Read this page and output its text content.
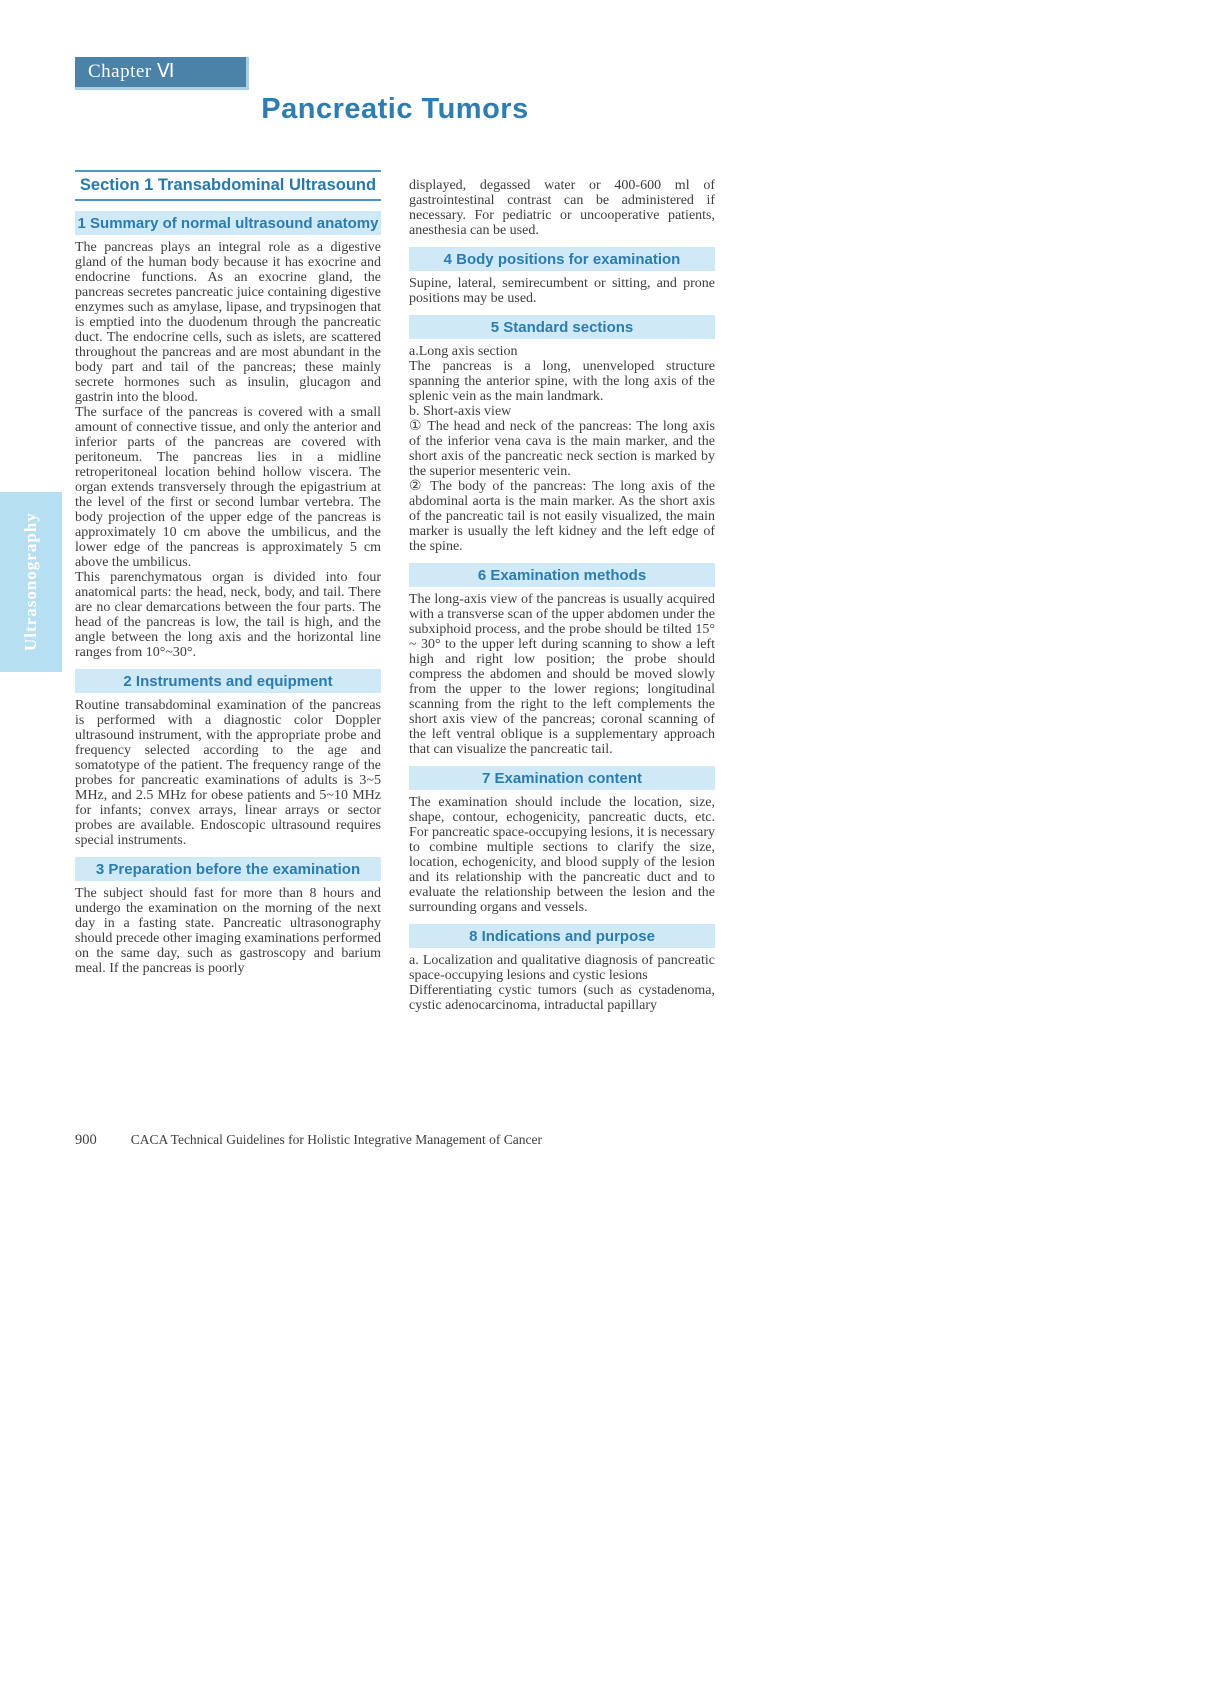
Chapter Ⅵ
Pancreatic Tumors
Ultrasonography
Section 1 Transabdominal Ultrasound
1 Summary of normal ultrasound anatomy

The pancreas plays an integral role as a digestive gland of the human body because it has exocrine and endocrine functions. As an exocrine gland, the pancreas secretes pancreatic juice containing digestive enzymes such as amylase, lipase, and trypsinogen that is emptied into the duodenum through the pancreatic duct. The endocrine cells, such as islets, are scattered throughout the pancreas and are most abundant in the body part and tail of the pancreas; these mainly secrete hormones such as insulin, glucagon and gastrin into the blood.

The surface of the pancreas is covered with a small amount of connective tissue, and only the anterior and inferior parts of the pancreas are covered with peritoneum. The pancreas lies in a midline retroperitoneal location behind hollow viscera. The organ extends transversely through the epigastrium at the level of the first or second lumbar vertebra. The body projection of the upper edge of the pancreas is approximately 10 cm above the umbilicus, and the lower edge of the pancreas is approximately 5 cm above the umbilicus.

This parenchymatous organ is divided into four anatomical parts: the head, neck, body, and tail. There are no clear demarcations between the four parts. The head of the pancreas is low, the tail is high, and the angle between the long axis and the horizontal line ranges from 10°~30°.

2 Instruments and equipment

Routine transabdominal examination of the pancreas is performed with a diagnostic color Doppler ultrasound instrument, with the appropriate probe and frequency selected according to the age and somatotype of the patient. The frequency range of the probes for pancreatic examinations of adults is 3~5 MHz, and 2.5 MHz for obese patients and 5~10 MHz for infants; convex arrays, linear arrays or sector probes are available. Endoscopic ultrasound requires special instruments.

3 Preparation before the examination

The subject should fast for more than 8 hours and undergo the examination on the morning of the next day in a fasting state. Pancreatic ultrasonography should precede other imaging examinations performed on the same day, such as gastroscopy and barium meal. If the pancreas is poorly

displayed, degassed water or 400-600 ml of gastrointestinal contrast can be administered if necessary. For pediatric or uncooperative patients, anesthesia can be used.

4 Body positions for examination

Supine, lateral, semirecumbent or sitting, and prone positions may be used.

5 Standard sections

a.Long axis section

The pancreas is a long, unenveloped structure spanning the anterior spine, with the long axis of the splenic vein as the main landmark.

b. Short-axis view

① The head and neck of the pancreas: The long axis of the inferior vena cava is the main marker, and the short axis of the pancreatic neck section is marked by the superior mesenteric vein.

② The body of the pancreas: The long axis of the abdominal aorta is the main marker. As the short axis of the pancreatic tail is not easily visualized, the main marker is usually the left kidney and the left edge of the spine.

6 Examination methods

The long-axis view of the pancreas is usually acquired with a transverse scan of the upper abdomen under the subxiphoid process, and the probe should be tilted 15° ~ 30° to the upper left during scanning to show a left high and right low position; the probe should compress the abdomen and should be moved slowly from the upper to the lower regions; longitudinal scanning from the right to the left complements the short axis view of the pancreas; coronal scanning of the left ventral oblique is a supplementary approach that can visualize the pancreatic tail.

7 Examination content

The examination should include the location, size, shape, contour, echogenicity, pancreatic ducts, etc. For pancreatic space-occupying lesions, it is necessary to combine multiple sections to clarify the size, location, echogenicity, and blood supply of the lesion and its relationship with the pancreatic duct and to evaluate the relationship between the lesion and the surrounding organs and vessels.

8 Indications and purpose

a. Localization and qualitative diagnosis of pancreatic space-occupying lesions and cystic lesions

Differentiating cystic tumors (such as cystadenoma, cystic adenocarcinoma, intraductal papillary

900	CACA Technical Guidelines for Holistic Integrative Management of Cancer
